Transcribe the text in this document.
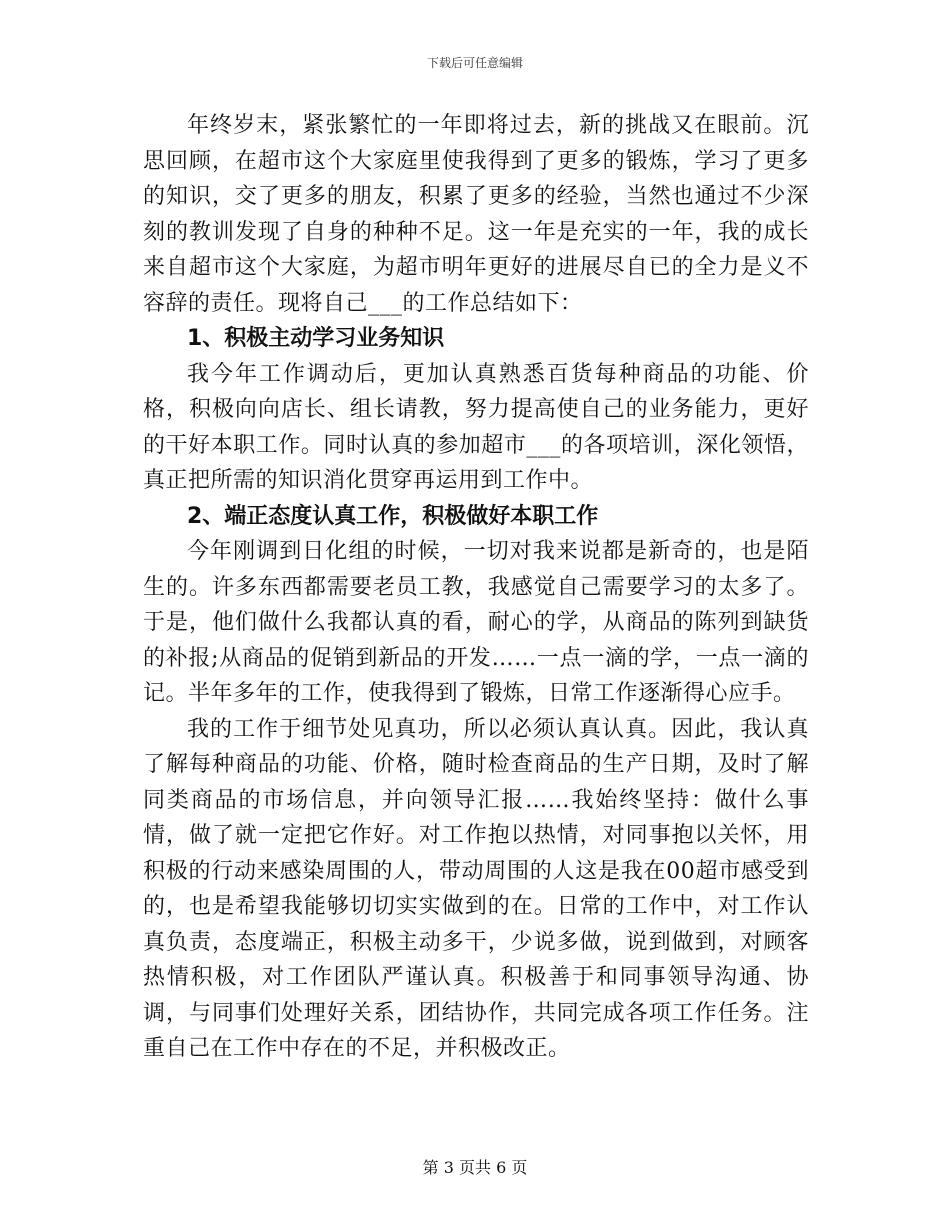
下载后可任意编辑

年终岁末，紧张繁忙的一年即将过去，新的挑战又在眼前。沉思回顾，在超市这个大家庭里使我得到了更多的锻炼，学习了更多的知识，交了更多的朋友，积累了更多的经验，当然也通过不少深刻的教训发现了自身的种种不足。这一年是充实的一年，我的成长来自超市这个大家庭，为超市明年更好的进展尽自已的全力是义不容辞的责任。现将自己___的工作总结如下：

1、积极主动学习业务知识

我今年工作调动后，更加认真熟悉百货每种商品的功能、价格，积极向向店长、组长请教，努力提高使自己的业务能力，更好的干好本职工作。同时认真的参加超市___的各项培训，深化领悟，真正把所需的知识消化贯穿再运用到工作中。

2、端正态度认真工作，积极做好本职工作

今年刚调到日化组的时候，一切对我来说都是新奇的，也是陌生的。许多东西都需要老员工教，我感觉自己需要学习的太多了。于是，他们做什么我都认真的看，耐心的学，从商品的陈列到缺货的补报;从商品的促销到新品的开发……一点一滴的学，一点一滴的记。半年多年的工作，使我得到了锻炼，日常工作逐渐得心应手。

我的工作于细节处见真功，所以必须认真认真。因此，我认真了解每种商品的功能、价格，随时检查商品的生产日期，及时了解同类商品的市场信息，并向领导汇报……我始终坚持：做什么事情，做了就一定把它作好。对工作抱以热情，对同事抱以关怀，用积极的行动来感染周围的人，带动周围的人这是我在00超市感受到的，也是希望我能够切切实实做到的在。日常的工作中，对工作认真负责，态度端正，积极主动多干，少说多做，说到做到，对顾客热情积极，对工作团队严谨认真。积极善于和同事领导沟通、协调，与同事们处理好关系，团结协作，共同完成各项工作任务。注重自己在工作中存在的不足，并积极改正。

第 3 页共 6 页
